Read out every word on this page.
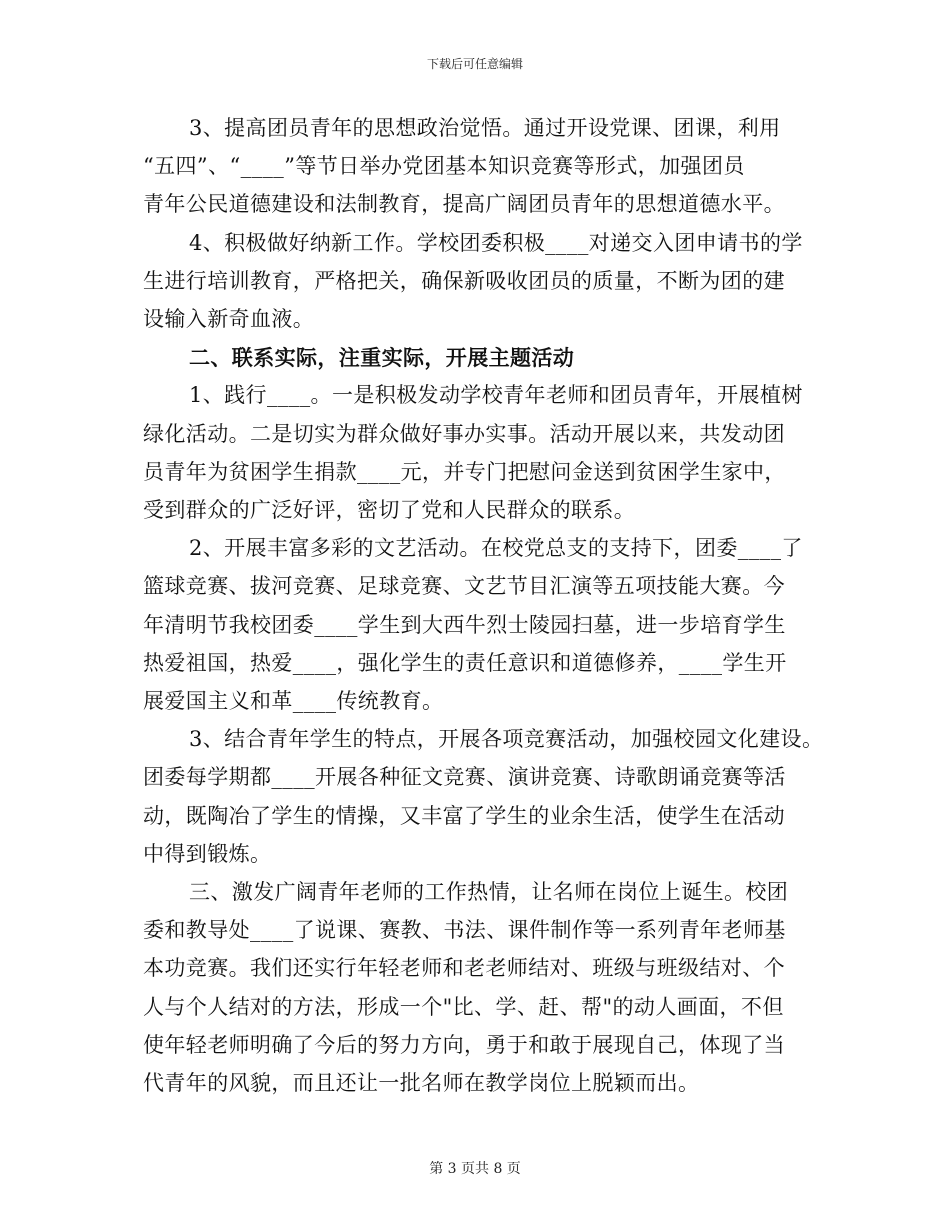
下载后可任意编辑
3、提高团员青年的思想政治觉悟。通过开设党课、团课，利用
“五四”、“____”等节日举办党团基本知识竞赛等形式，加强团员
青年公民道德建设和法制教育，提高广阔团员青年的思想道德水平。
4、积极做好纳新工作。学校团委积极____对递交入团申请书的学
生进行培训教育，严格把关，确保新吸收团员的质量，不断为团的建
设输入新奇血液。
二、联系实际，注重实际，开展主题活动
1、践行____。一是积极发动学校青年老师和团员青年，开展植树
绿化活动。二是切实为群众做好事办实事。活动开展以来，共发动团
员青年为贫困学生捐款____元，并专门把慰问金送到贫困学生家中，
受到群众的广泛好评，密切了党和人民群众的联系。
2、开展丰富多彩的文艺活动。在校党总支的支持下，团委____了
篮球竞赛、拔河竞赛、足球竞赛、文艺节目汇演等五项技能大赛。今
年清明节我校团委____学生到大西牛烈士陵园扫墓，进一步培育学生
热爱祖国，热爱____，强化学生的责任意识和道德修养，____学生开
展爱国主义和革____传统教育。
3、结合青年学生的特点，开展各项竞赛活动，加强校园文化建设。
团委每学期都____开展各种征文竞赛、演讲竞赛、诗歌朗诵竞赛等活
动，既陶冶了学生的情操，又丰富了学生的业余生活，使学生在活动
中得到锻炼。
三、激发广阔青年老师的工作热情，让名师在岗位上诞生。校团
委和教导处____了说课、赛教、书法、课件制作等一系列青年老师基
本功竞赛。我们还实行年轻老师和老老师结对、班级与班级结对、个
人与个人结对的方法，形成一个"比、学、赶、帮"的动人画面，不但
使年轻老师明确了今后的努力方向，勇于和敢于展现自己，体现了当
代青年的风貌，而且还让一批名师在教学岗位上脱颖而出。
第 3 页共 8 页
